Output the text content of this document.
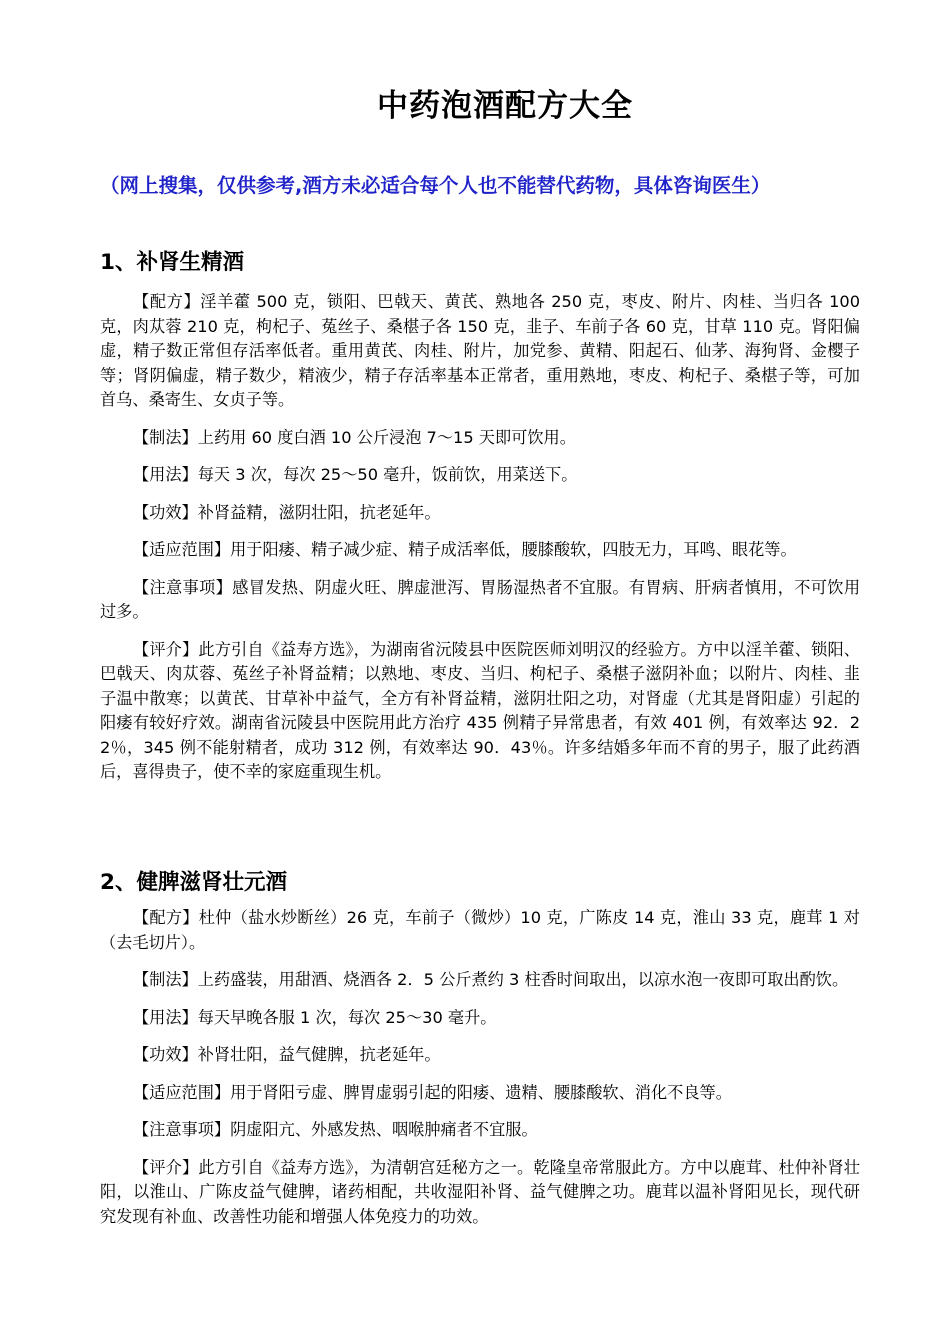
中药泡酒配方大全
（网上搜集，仅供参考,酒方未必适合每个人也不能替代药物，具体咨询医生）
1、补肾生精酒

【配方】淫羊藿 500 克，锁阳、巴戟天、黄芪、熟地各 250 克，枣皮、附片、肉桂、当归各 100 克，肉苁蓉 210 克，枸杞子、菟丝子、桑椹子各 150 克，韭子、车前子各 60 克，甘草 110 克。肾阳偏虚，精子数正常但存活率低者。重用黄芪、肉桂、附片，加党参、黄精、阳起石、仙茅、海狗肾、金樱子等；肾阴偏虚，精子数少，精液少，精子存活率基本正常者，重用熟地，枣皮、枸杞子、桑椹子等，可加首乌、桑寄生、女贞子等。

【制法】上药用 60 度白酒 10 公斤浸泡 7～15 天即可饮用。

【用法】每天 3 次，每次 25～50 毫升，饭前饮，用菜送下。

【功效】补肾益精，滋阴壮阳，抗老延年。

【适应范围】用于阳痿、精子减少症、精子成活率低，腰膝酸软，四肢无力，耳鸣、眼花等。

【注意事项】感冒发热、阴虚火旺、脾虚泄泻、胃肠湿热者不宜服。有胃病、肝病者慎用，不可饮用过多。

【评介】此方引自《益寿方选》，为湖南省沅陵县中医院医师刘明汉的经验方。方中以淫羊藿、锁阳、巴戟天、肉苁蓉、菟丝子补肾益精；以熟地、枣皮、当归、枸杞子、桑椹子滋阴补血；以附片、肉桂、韭子温中散寒；以黄芪、甘草补中益气，全方有补肾益精，滋阴壮阳之功，对肾虚（尤其是肾阳虚）引起的阳痿有较好疗效。湖南省沅陵县中医院用此方治疗 435 例精子异常患者，有效 401 例，有效率达 92．22％，345 例不能射精者，成功 312 例，有效率达 90．43％。许多结婚多年而不育的男子，服了此药酒后，喜得贵子，使不幸的家庭重现生机。

2、健脾滋肾壮元酒

【配方】杜仲（盐水炒断丝）26 克，车前子（微炒）10 克，广陈皮 14 克，淮山 33 克，鹿茸 1 对（去毛切片）。

【制法】上药盛装，用甜酒、烧酒各 2．5 公斤煮约 3 柱香时间取出，以凉水泡一夜即可取出酌饮。

【用法】每天早晚各服 1 次，每次 25～30 毫升。

【功效】补肾壮阳，益气健脾，抗老延年。

【适应范围】用于肾阳亏虚、脾胃虚弱引起的阳痿、遗精、腰膝酸软、消化不良等。

【注意事项】阴虚阳亢、外感发热、咽喉肿痛者不宜服。

【评介】此方引自《益寿方选》，为清朝宫廷秘方之一。乾隆皇帝常服此方。方中以鹿茸、杜仲补肾壮阳，以淮山、广陈皮益气健脾，诸药相配，共收湿阳补肾、益气健脾之功。鹿茸以温补肾阳见长，现代研究发现有补血、改善性功能和增强人体免疫力的功效。
